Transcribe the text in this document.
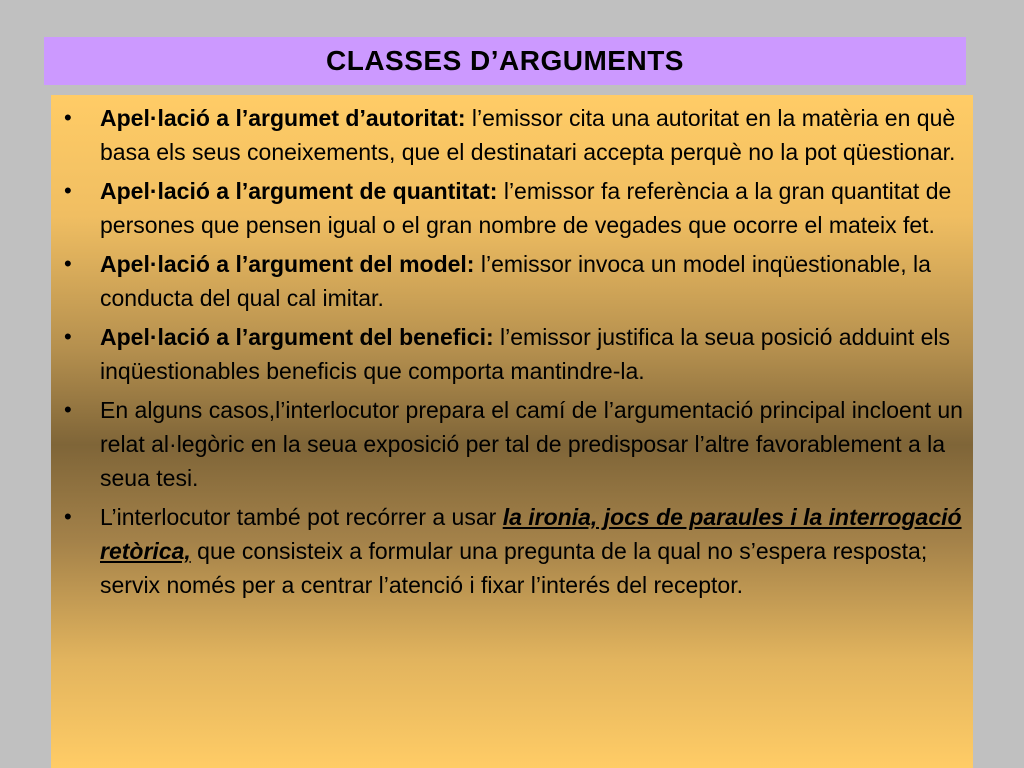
CLASSES D’ARGUMENTS
•	Apel·lació a l’argumet d’autoritat: l’emissor cita una autoritat en la matèria en què basa els seus coneixements, que el destinatari accepta perquè no la pot qüestionar.
•	Apel·lació a l’argument de quantitat: l’emissor fa referència a la gran quantitat de persones que pensen igual o el gran nombre de vegades que ocorre el mateix fet.
•	Apel·lació a l’argument del model: l’emissor invoca un model inqüestionable, la conducta del qual cal imitar.
•	Apel·lació a l’argument del benefici: l’emissor justifica la seua posició adduint els inqüestionables beneficis que comporta mantindre-la.
•	En alguns casos,l’interlocutor prepara el camí de l’argumentació principal incloent un relat al·legòric en la seua exposició per tal de predisposar l’altre favorablement a la seua tesi.
•	L’interlocutor també pot recórrer a usar la ironia, jocs de paraules i la interrogació retòrica, que consisteix a formular una pregunta de la qual no s’espera resposta; servix només per a centrar l’atenció i fixar l’interés del receptor.
